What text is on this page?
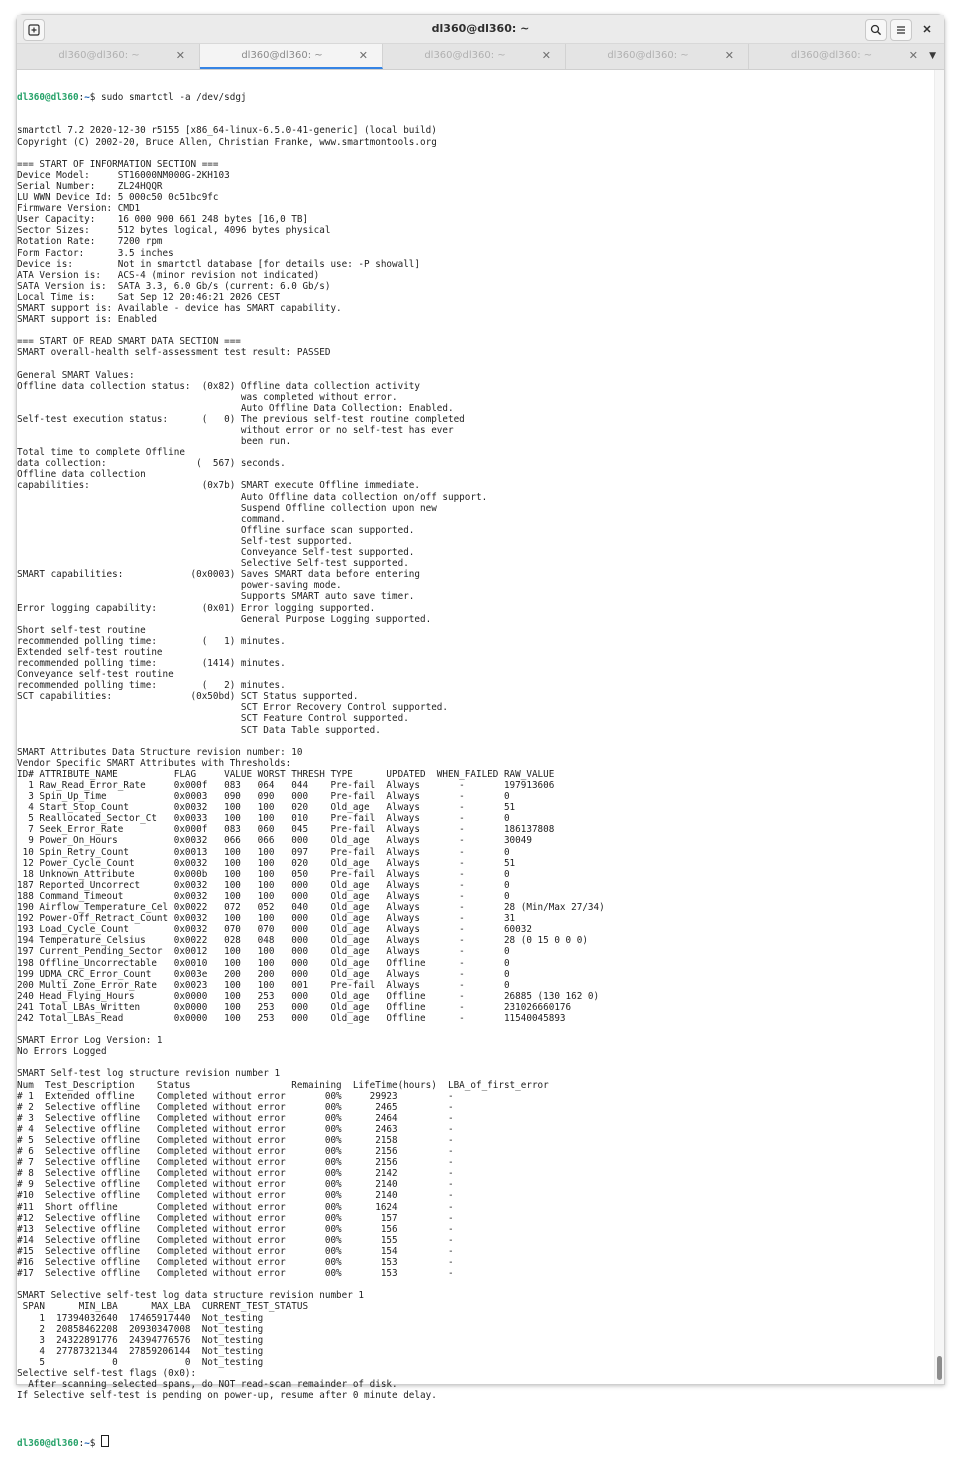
dl360@dl360: ~
dl360@dl360: ~	✕	dl360@dl360: ~	✕	dl360@dl360: ~	✕	dl360@dl360: ~	✕	dl360@dl360: ~	✕ ▼

dl360@dl360:~$ sudo smartctl -a /dev/sdgj

smartctl 7.2 2020-12-30 r5155 [x86_64-linux-6.5.0-41-generic] (local build)
Copyright (C) 2002-20, Bruce Allen, Christian Franke, www.smartmontools.org
=== START OF INFORMATION SECTION ===
Device Model:     ST16000NM000G-2KH103
Serial Number:    ZL24HQQR
LU WWN Device Id: 5 000c50 0c51bc9fc
Firmware Version: CMD1
User Capacity:    16 000 900 661 248 bytes [16,0 TB]
Sector Sizes:     512 bytes logical, 4096 bytes physical
Rotation Rate:    7200 rpm
Form Factor:      3.5 inches
Device is:        Not in smartctl database [for details use: -P showall]
ATA Version is:   ACS-4 (minor revision not indicated)
SATA Version is:  SATA 3.3, 6.0 Gb/s (current: 6.0 Gb/s)
Local Time is:    Sat Sep 12 20:46:21 2026 CEST
SMART support is: Available - device has SMART capability.
SMART support is: Enabled
=== START OF READ SMART DATA SECTION ===
SMART overall-health self-assessment test result: PASSED
General SMART Values:
Offline data collection status:  (0x82) Offline data collection activity
was completed without error.
Auto Offline Data Collection: Enabled.
Self-test execution status:      (   0) The previous self-test routine completed
without error or no self-test has ever
been run.
Total time to complete Offline
data collection:                (  567) seconds.
Offline data collection
capabilities:                    (0x7b) SMART execute Offline immediate.
Auto Offline data collection on/off support.
Suspend Offline collection upon new
command.
Offline surface scan supported.
Self-test supported.
Conveyance Self-test supported.
Selective Self-test supported.
SMART capabilities:            (0x0003) Saves SMART data before entering
power-saving mode.
Supports SMART auto save timer.
Error logging capability:        (0x01) Error logging supported.
General Purpose Logging supported.
Short self-test routine
recommended polling time:        (   1) minutes.
Extended self-test routine
recommended polling time:        (1414) minutes.
Conveyance self-test routine
recommended polling time:        (   2) minutes.
SCT capabilities:              (0x50bd) SCT Status supported.
SCT Error Recovery Control supported.
SCT Feature Control supported.
SCT Data Table supported.
SMART Attributes Data Structure revision number: 10
Vendor Specific SMART Attributes with Thresholds:
ID# ATTRIBUTE_NAME          FLAG     VALUE WORST THRESH TYPE      UPDATED  WHEN_FAILED RAW_VALUE
1 Raw_Read_Error_Rate     0x000f   083   064   044    Pre-fail  Always       -       197913606
3 Spin_Up_Time            0x0003   090   090   000    Pre-fail  Always       -       0
4 Start_Stop_Count        0x0032   100   100   020    Old_age   Always       -       51
5 Reallocated_Sector_Ct   0x0033   100   100   010    Pre-fail  Always       -       0
7 Seek_Error_Rate         0x000f   083   060   045    Pre-fail  Always       -       186137808
9 Power_On_Hours          0x0032   066   066   000    Old_age   Always       -       30049
10 Spin_Retry_Count        0x0013   100   100   097    Pre-fail  Always       -       0
12 Power_Cycle_Count       0x0032   100   100   020    Old_age   Always       -       51
18 Unknown_Attribute       0x000b   100   100   050    Pre-fail  Always       -       0
187 Reported_Uncorrect      0x0032   100   100   000    Old_age   Always       -       0
188 Command_Timeout         0x0032   100   100   000    Old_age   Always       -       0
190 Airflow_Temperature_Cel 0x0022   072   052   040    Old_age   Always       -       28 (Min/Max 27/34)
192 Power-Off_Retract_Count 0x0032   100   100   000    Old_age   Always       -       31
193 Load_Cycle_Count        0x0032   070   070   000    Old_age   Always       -       60032
194 Temperature_Celsius     0x0022   028   048   000    Old_age   Always       -       28 (0 15 0 0 0)
197 Current_Pending_Sector  0x0012   100   100   000    Old_age   Always       -       0
198 Offline_Uncorrectable   0x0010   100   100   000    Old_age   Offline      -       0
199 UDMA_CRC_Error_Count    0x003e   200   200   000    Old_age   Always       -       0
200 Multi_Zone_Error_Rate   0x0023   100   100   001    Pre-fail  Always       -       0
240 Head_Flying_Hours       0x0000   100   253   000    Old_age   Offline      -       26885 (130 162 0)
241 Total_LBAs_Written      0x0000   100   253   000    Old_age   Offline      -       231026660176
242 Total_LBAs_Read         0x0000   100   253   000    Old_age   Offline      -       11540045893
SMART Error Log Version: 1
No Errors Logged
SMART Self-test log structure revision number 1
Num  Test_Description    Status                  Remaining  LifeTime(hours)  LBA_of_first_error
# 1  Extended offline    Completed without error       00%     29923         -
# 2  Selective offline   Completed without error       00%      2465         -
# 3  Selective offline   Completed without error       00%      2464         -
# 4  Selective offline   Completed without error       00%      2463         -
# 5  Selective offline   Completed without error       00%      2158         -
# 6  Selective offline   Completed without error       00%      2156         -
# 7  Selective offline   Completed without error       00%      2156         -
# 8  Selective offline   Completed without error       00%      2142         -
# 9  Selective offline   Completed without error       00%      2140         -
#10  Selective offline   Completed without error       00%      2140         -
#11  Short offline       Completed without error       00%      1624         -
#12  Selective offline   Completed without error       00%       157         -
#13  Selective offline   Completed without error       00%       156         -
#14  Selective offline   Completed without error       00%       155         -
#15  Selective offline   Completed without error       00%       154         -
#16  Selective offline   Completed without error       00%       153         -
#17  Selective offline   Completed without error       00%       153         -
SMART Selective self-test log data structure revision number 1
SPAN      MIN_LBA      MAX_LBA  CURRENT_TEST_STATUS
1  17394032640  17465917440  Not_testing
2  20858462208  20930347008  Not_testing
3  24322891776  24394776576  Not_testing
4  27787321344  27859206144  Not_testing
5            0            0  Not_testing
Selective self-test flags (0x0):
After scanning selected spans, do NOT read-scan remainder of disk.
If Selective self-test is pending on power-up, resume after 0 minute delay.

dl360@dl360:~$
